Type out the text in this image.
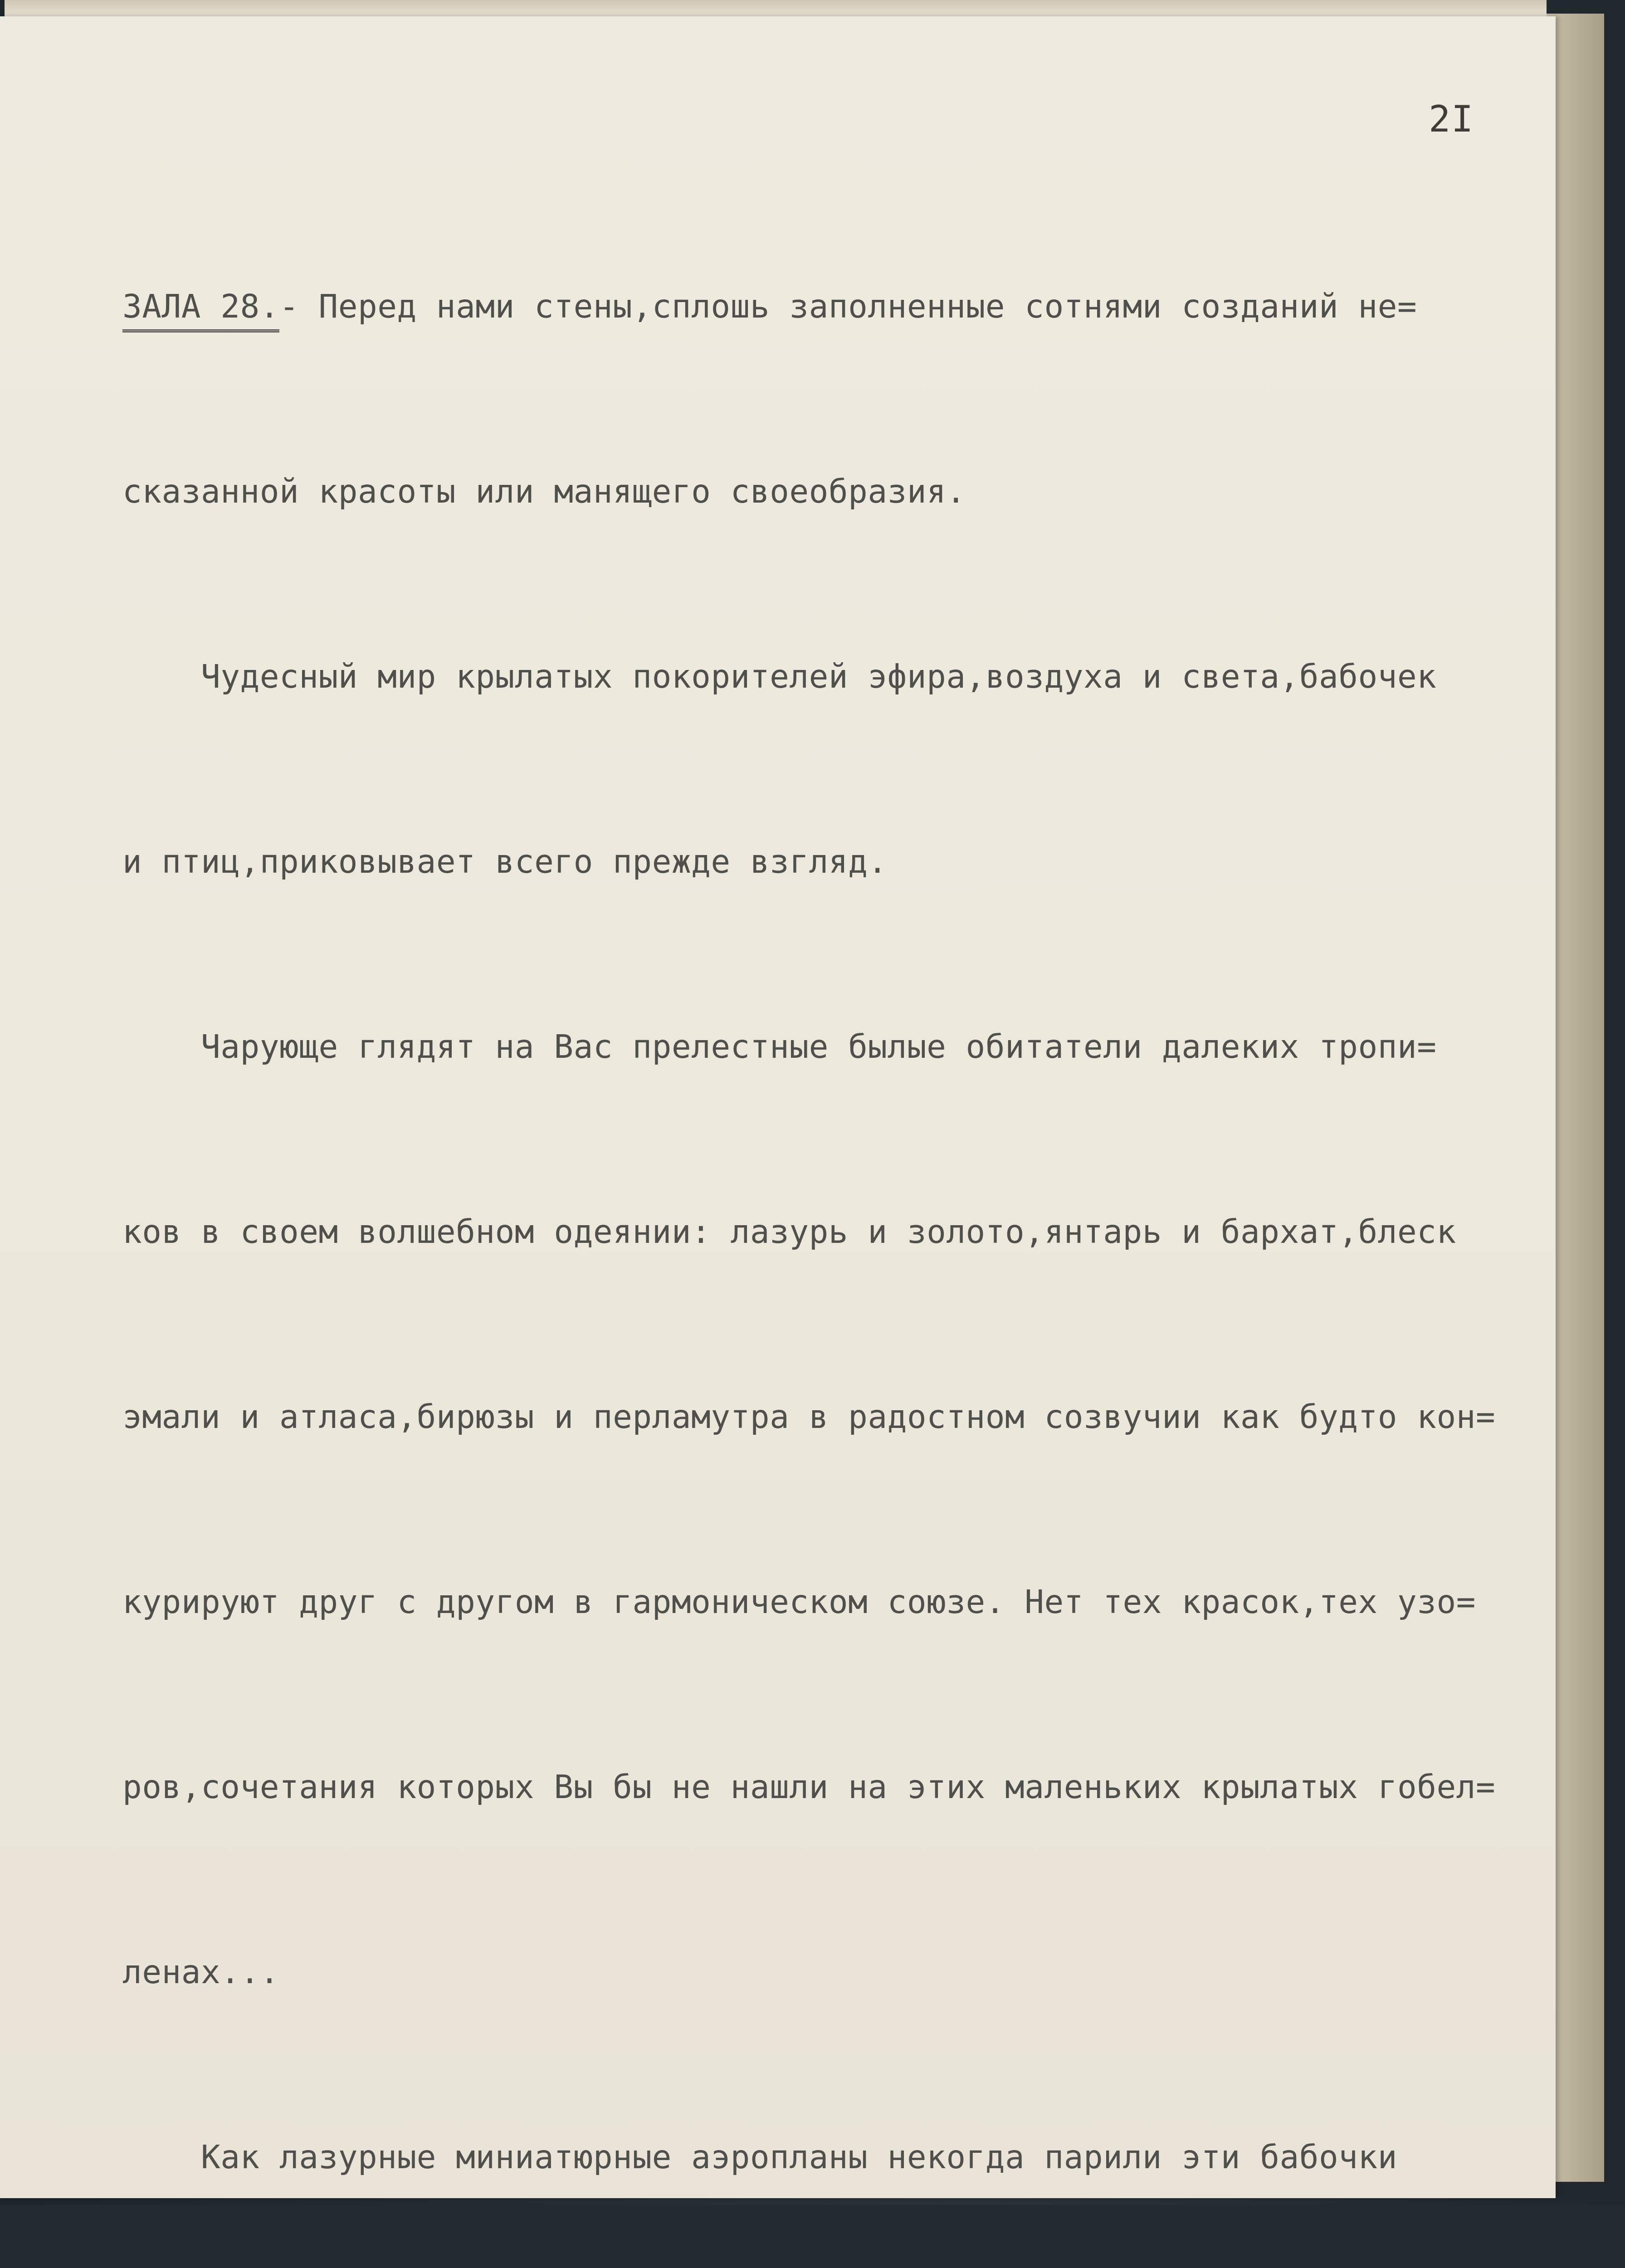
2I

ЗАЛА 28.- Перед нами стены,сплошь заполненные сотнями созданий не=

сказанной красоты или манящего своеобразия.

Чудесный мир крылатых покорителей эфира,воздуха и света,бабочек

и птиц,приковывает всего прежде взгляд.

Чарующе глядят на Вас прелестные былые обитатели далеких тропи=

ков в своем волшебном одеянии: лазурь и золото,янтарь и бархат,блеск

эмали и атласа,бирюзы и перламутра в радостном созвучии как будто кон=

курируют друг с другом в гармоническом союзе. Нет тех красок,тех узо=

ров,сочетания которых Вы бы не нашли на этих маленьких крылатых гобел=

ленах...

Как лазурные миниатюрные аэропланы некогда парили эти бабочки
